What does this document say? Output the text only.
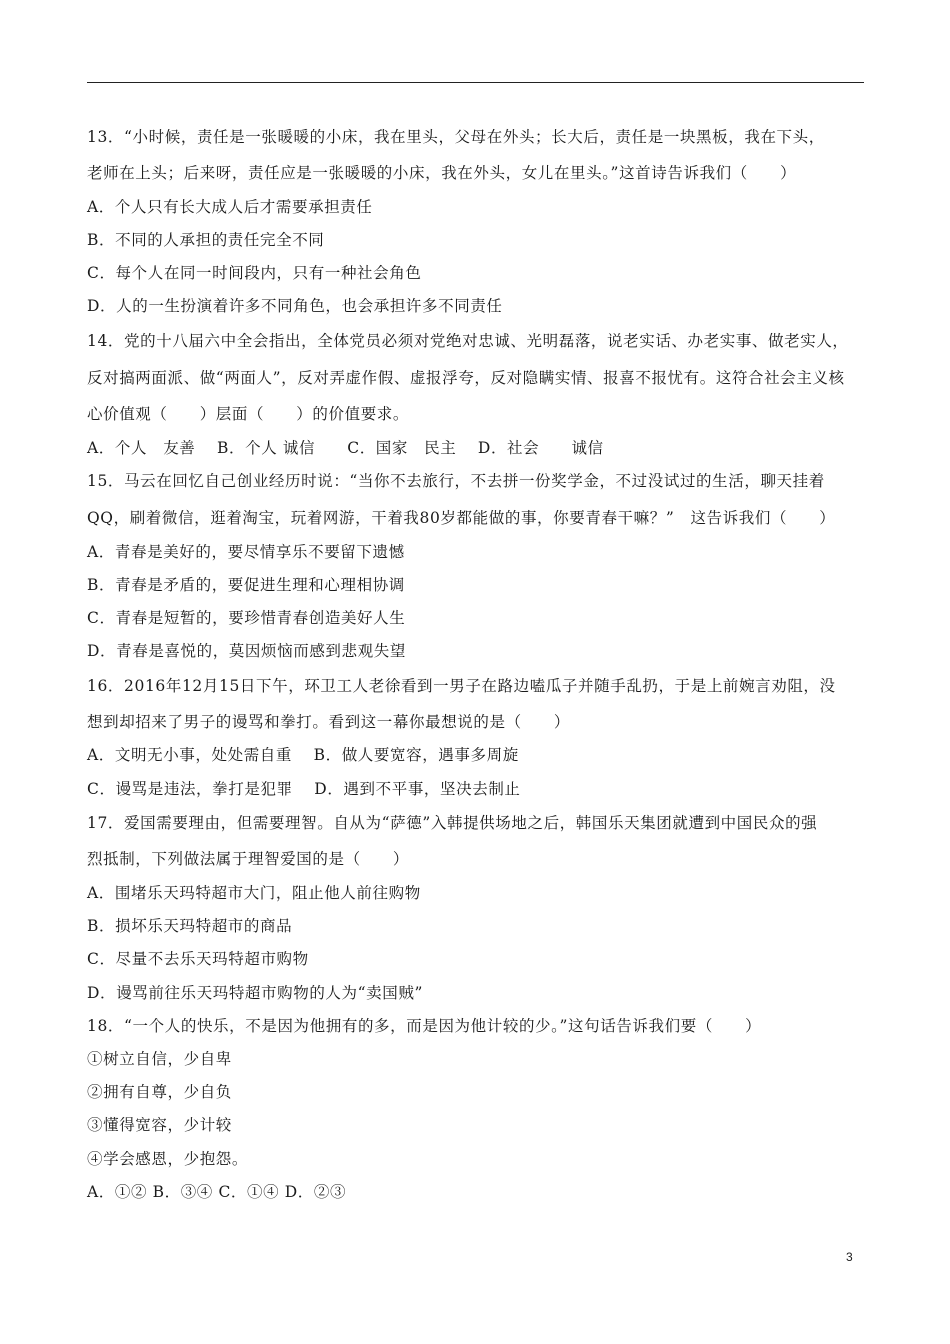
13．“小时候，责任是一张暖暖的小床，我在里头，父母在外头；长大后，责任是一块黑板，我在下头，
老师在上头；后来呀，责任应是一张暖暖的小床，我在外头，女儿在里头。”这首诗告诉我们（　　）
A．个人只有长大成人后才需要承担责任
B．不同的人承担的责任完全不同
C．每个人在同一时间段内，只有一种社会角色
D．人的一生扮演着许多不同角色，也会承担许多不同责任
14．党的十八届六中全会指出，全体党员必须对党绝对忠诚、光明磊落，说老实话、办老实事、做老实人，
反对搞两面派、做“两面人”，反对弄虚作假、虚报浮夸，反对隐瞒实情、报喜不报忧有。这符合社会主义核
心价值观（　　）层面（　　）的价值要求。
A．个人　友善　 B．个人 诚信　　C．国家　民主　 D．社会　　诚信
15．马云在回忆自己创业经历时说：“当你不去旅行，不去拼一份奖学金，不过没试过的生活，聊天挂着
QQ，刷着微信，逛着淘宝，玩着网游，干着我80岁都能做的事，你要青春干嘛？”　这告诉我们（　　）
A．青春是美好的，要尽情享乐不要留下遗憾
B．青春是矛盾的，要促进生理和心理相协调
C．青春是短暂的，要珍惜青春创造美好人生
D．青春是喜悦的，莫因烦恼而感到悲观失望
16．2016年12月15日下午，环卫工人老徐看到一男子在路边嗑瓜子并随手乱扔，于是上前婉言劝阻，没
想到却招来了男子的谩骂和拳打。看到这一幕你最想说的是（　　）
A．文明无小事，处处需自重　 B．做人要宽容，遇事多周旋
C．谩骂是违法，拳打是犯罪　 D．遇到不平事，坚决去制止
17．爱国需要理由，但需要理智。自从为“萨德”入韩提供场地之后，韩国乐天集团就遭到中国民众的强
烈抵制，下列做法属于理智爱国的是（　　）
A．围堵乐天玛特超市大门，阻止他人前往购物
B．损坏乐天玛特超市的商品
C．尽量不去乐天玛特超市购物
D．谩骂前往乐天玛特超市购物的人为“卖国贼”
18．“一个人的快乐，不是因为他拥有的多，而是因为他计较的少。”这句话告诉我们要（　　）
①树立自信，少自卑
②拥有自尊，少自负
③懂得宽容，少计较
④学会感恩，少抱怨。
A．①② B．③④ C．①④ D．②③
3
